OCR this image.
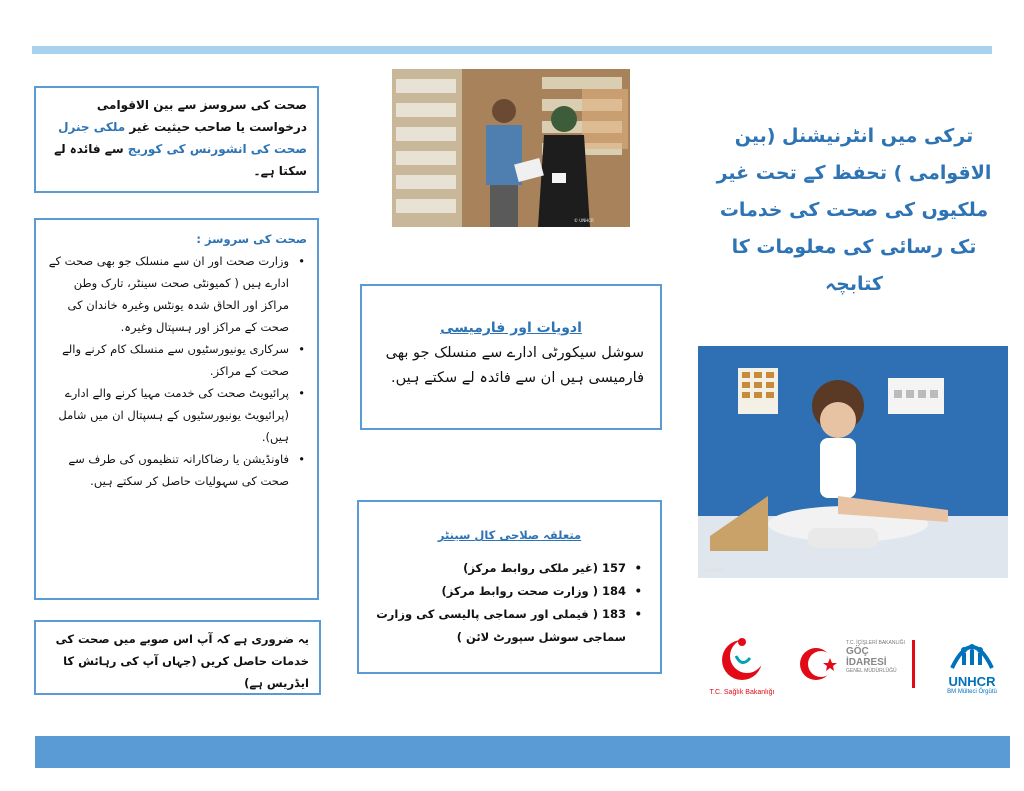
صحت کی سروسز سے بین الاقوامی درخواست یا صاحب حیثیت غیر ملکی جنرل صحت کی انشورنس کی کوریج سے فائدہ لے سکتا ہے۔
صحت کی سروسز :
• وزارت صحت اور ان سے منسلک جو بھی صحت کے ادارے ہیں ( کمیونٹی صحت سینٹر، تارک وطن مراکز اور الحاق شدہ یونٹس وغیرہ خاندان کی صحت کے مراکز اور ہسپتال وغیرہ.
• سرکاری یونیورسٹیوں سے منسلک کام کرنے والے صحت کے مراکز.
• پرائیویٹ صحت کی خدمت مہیا کرنے والے ادارے (پرائیویٹ یونیورسٹیوں کے ہسپتال ان میں شامل ہیں).
• فاونڈیشن یا رضاکارانہ تنظیموں کی طرف سے صحت کی سہولیات حاصل کر سکتے ہیں.
یہ ضروری ہے کہ آپ اس صوبے میں صحت کی خدمات حاصل کریں (جہاں آپ کی رہائش کا ایڈریس ہے)
© UNHCR
ادویات اور فارمیسی
سوشل سیکورٹی ادارے سے منسلک جو بھی فارمیسی ہیں ان سے فائدہ لے سکتے ہیں.
متعلقہ صلاحی کال سینٹر
• 157 (غیر ملکی روابط مرکز)
• 184 ( وزارت صحت روابط مرکز)
• 183 ( فیملی اور سماجی پالیسی کی وزارت سماجی سوشل سپورٹ لائن )
ترکی میں انٹرنیشنل (بین الاقوامی ) تحفظ کے تحت غیر ملکیوں کی صحت کی خدمات تک رسائی کی معلومات کا کتابچہ
© UNHCR
T.C. Sağlık Bakanlığı
T.C. İÇİŞLERİ BAKANLIĞI
GÖÇ İDARESİ
GENEL MÜDÜRLÜĞÜ
UNHCR
BM Mülteci Örgütü
